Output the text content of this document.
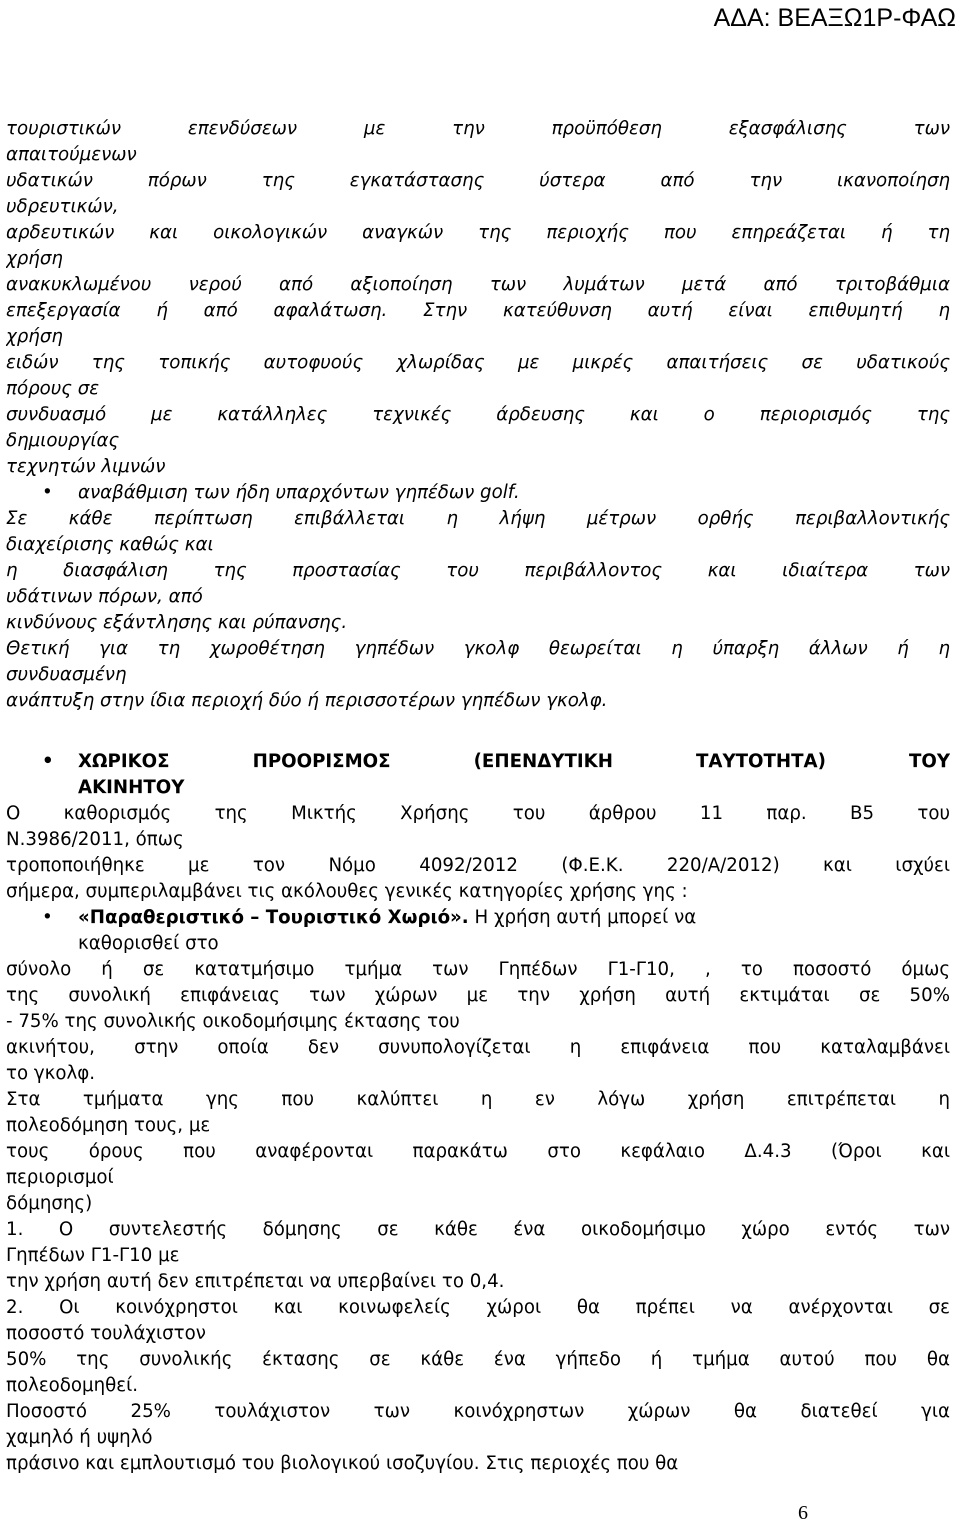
ΑΔΑ: ΒΕΑΞΩ1Ρ-ΦΑΩ
τουριστικών επενδύσεων με την προϋπόθεση εξασφάλισης των
απαιτούμενων
υδατικών πόρων της εγκατάστασης ύστερα από την ικανοποίηση
υδρευτικών,
αρδευτικών και οικολογικών αναγκών της περιοχής που επηρεάζεται ή τη
χρήση
ανακυκλωμένου νερού από αξιοποίηση των λυμάτων μετά από τριτοβάθμια
επεξεργασία ή από αφαλάτωση. Στην κατεύθυνση αυτή είναι επιθυμητή η
χρήση
ειδών της τοπικής αυτοφυούς χλωρίδας με μικρές απαιτήσεις σε υδατικούς
πόρους σε
συνδυασμό με κατάλληλες τεχνικές άρδευσης και ο περιορισμός της
δημιουργίας
τεχνητών λιμνών
• αναβάθμιση των ήδη υπαρχόντων γηπέδων golf.
Σε κάθε περίπτωση επιβάλλεται η λήψη μέτρων ορθής περιβαλλοντικής
διαχείρισης καθώς και
η διασφάλιση της προστασίας του περιβάλλοντος και ιδιαίτερα των
υδάτινων πόρων, από
κινδύνους εξάντλησης και ρύπανσης.
Θετική για τη χωροθέτηση γηπέδων γκολφ θεωρείται η ύπαρξη άλλων ή η
συνδυασμένη
ανάπτυξη στην ίδια περιοχή δύο ή περισσοτέρων γηπέδων γκολφ.
• ΧΩΡΙΚΟΣ ΠΡΟΟΡΙΣΜΟΣ (ΕΠΕΝΔΥΤΙΚΗ ΤΑΥΤΟΤΗΤΑ) ΤΟΥ
ΑΚΙΝΗΤΟΥ
Ο καθορισμός της Μικτής Χρήσης του άρθρου 11 παρ. Β5 του
Ν.3986/2011, όπως
τροποποιήθηκε με τον Νόμο 4092/2012 (Φ.Ε.Κ. 220/Α/2012) και ισχύει
σήμερα, συμπεριλαμβάνει τις ακόλουθες γενικές κατηγορίες χρήσης γης :
• «Παραθεριστικό – Τουριστικό Χωριό». Η χρήση αυτή μπορεί να
καθορισθεί στο
σύνολο ή σε κατατμήσιμο τμήμα των Γηπέδων Γ1-Γ10, , το ποσοστό όμως
της συνολική επιφάνειας των χώρων με την χρήση αυτή εκτιμάται σε 50%
- 75% της συνολικής οικοδομήσιμης έκτασης του
ακινήτου, στην οποία δεν συνυπολογίζεται η επιφάνεια που καταλαμβάνει
το γκολφ.
Στα τμήματα γης που καλύπτει η εν λόγω χρήση επιτρέπεται η
πολεοδόμηση τους, με
τους όρους που αναφέρονται παρακάτω στο κεφάλαιο Δ.4.3 (Όροι και
περιορισμοί
δόμησης)
1. Ο συντελεστής δόμησης σε κάθε ένα οικοδομήσιμο χώρο εντός των
Γηπέδων Γ1-Γ10 με
την χρήση αυτή δεν επιτρέπεται να υπερβαίνει το 0,4.
2. Οι κοινόχρηστοι και κοινωφελείς χώροι θα πρέπει να ανέρχονται σε
ποσοστό τουλάχιστον
50% της συνολικής έκτασης σε κάθε ένα γήπεδο ή τμήμα αυτού που θα
πολεοδομηθεί.
Ποσοστό 25% τουλάχιστον των κοινόχρηστων χώρων θα διατεθεί για
χαμηλό ή υψηλό
πράσινο και εμπλουτισμό του βιολογικού ισοζυγίου. Στις περιοχές που θα
6
